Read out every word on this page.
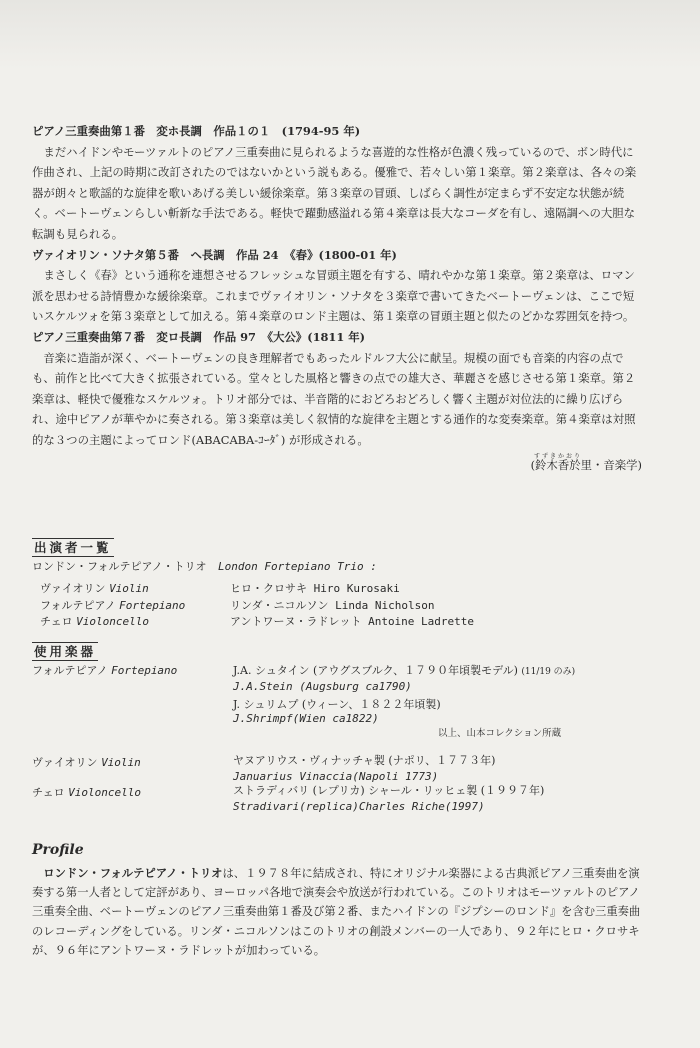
ピアノ三重奏曲第１番　変ホ長調　作品１の１　(1794-95 年)
まだハイドンやモーツァルトのピアノ三重奏曲に見られるような喜遊的な性格が色濃く残っているので、ボン時代に作曲され、上記の時期に改訂されたのではないかという説もある。優雅で、若々しい第１楽章。第２楽章は、各々の楽器が朗々と歌謡的な旋律を歌いあげる美しい緩徐楽章。第３楽章の冒頭、しばらく調性が定まらず不安定な状態が続く。ベートーヴェンらしい斬新な手法である。軽快で躍動感溢れる第４楽章は長大なコーダを有し、遠隔調への大胆な転調も見られる。
ヴァイオリン・ソナタ第５番　ヘ長調　作品 24　《春》(1800-01 年)
まさしく《春》という通称を連想させるフレッシュな冒頭主題を有する、晴れやかな第１楽章。第２楽章は、ロマン派を思わせる詩情豊かな緩徐楽章。これまでヴァイオリン・ソナタを３楽章で書いてきたベートーヴェンは、ここで短いスケルツォを第３楽章として加える。第４楽章のロンド主題は、第１楽章の冒頭主題と似たのどかな雰囲気を持つ。
ピアノ三重奏曲第７番　変ロ長調　作品 97　《大公》(1811 年)
音楽に造詣が深く、ベートーヴェンの良き理解者でもあったルドルフ大公に献呈。規模の面でも音楽的内容の点でも、前作と比べて大きく拡張されている。堂々とした風格と響きの点での雄大さ、華麗さを感じさせる第１楽章。第２楽章は、軽快で優雅なスケルツォ。トリオ部分では、半音階的におどろおどろしく響く主題が対位法的に繰り広げられ、途中ピアノが華やかに奏される。第３楽章は美しく叙情的な旋律を主題とする通作的な変奏楽章。第４楽章は対照的な３つの主題によってロンド(ABACABA-ｺｰﾀﾞ) が形成される。
すずきかおり
(鈴木香於里・音楽学)
出演者一覧
ロンドン・フォルテピアノ・トリオ London Fortepiano Trio :
ヴァイオリン Violin	ヒロ・クロサキ Hiro Kurosaki
フォルテピアノ Fortepiano	リンダ・ニコルソン Linda Nicholson
チェロ Violoncello	アントワーヌ・ラドレット Antoine Ladrette
使用楽器
フォルテピアノ Fortepiano	J.A. シュタイン (アウグスブルク、１７９０年頃製モデル) (11/19 のみ)
J.A.Stein (Augsburg ca1790)
J. シュリムプ (ウィーン、１８２２年頃製)
J.Shrimpf(Wien ca1822)
以上、山本コレクション所蔵
ヴァイオリン Violin	ヤヌアリウス・ヴィナッチャ製 (ナポリ、１７７３年)
Januarius Vinaccia(Napoli 1773)
チェロ Violoncello	ストラディバリ (レプリカ) シャール・リッヒェ製 (１９９７年)
Stradivari(replica)Charles Riche(1997)
Profile
ロンドン・フォルテピアノ・トリオは、１９７８年に結成され、特にオリジナル楽器による古典派ピアノ三重奏曲を演奏する第一人者として定評があり、ヨーロッパ各地で演奏会や放送が行われている。このトリオはモーツァルトのピアノ三重奏全曲、ベートーヴェンのピアノ三重奏曲第１番及び第２番、またハイドンの『ジプシーのロンド』を含む三重奏曲のレコーディングをしている。リンダ・ニコルソンはこのトリオの創設メンバーの一人であり、９２年にヒロ・クロサキが、９６年にアントワーヌ・ラドレットが加わっている。
